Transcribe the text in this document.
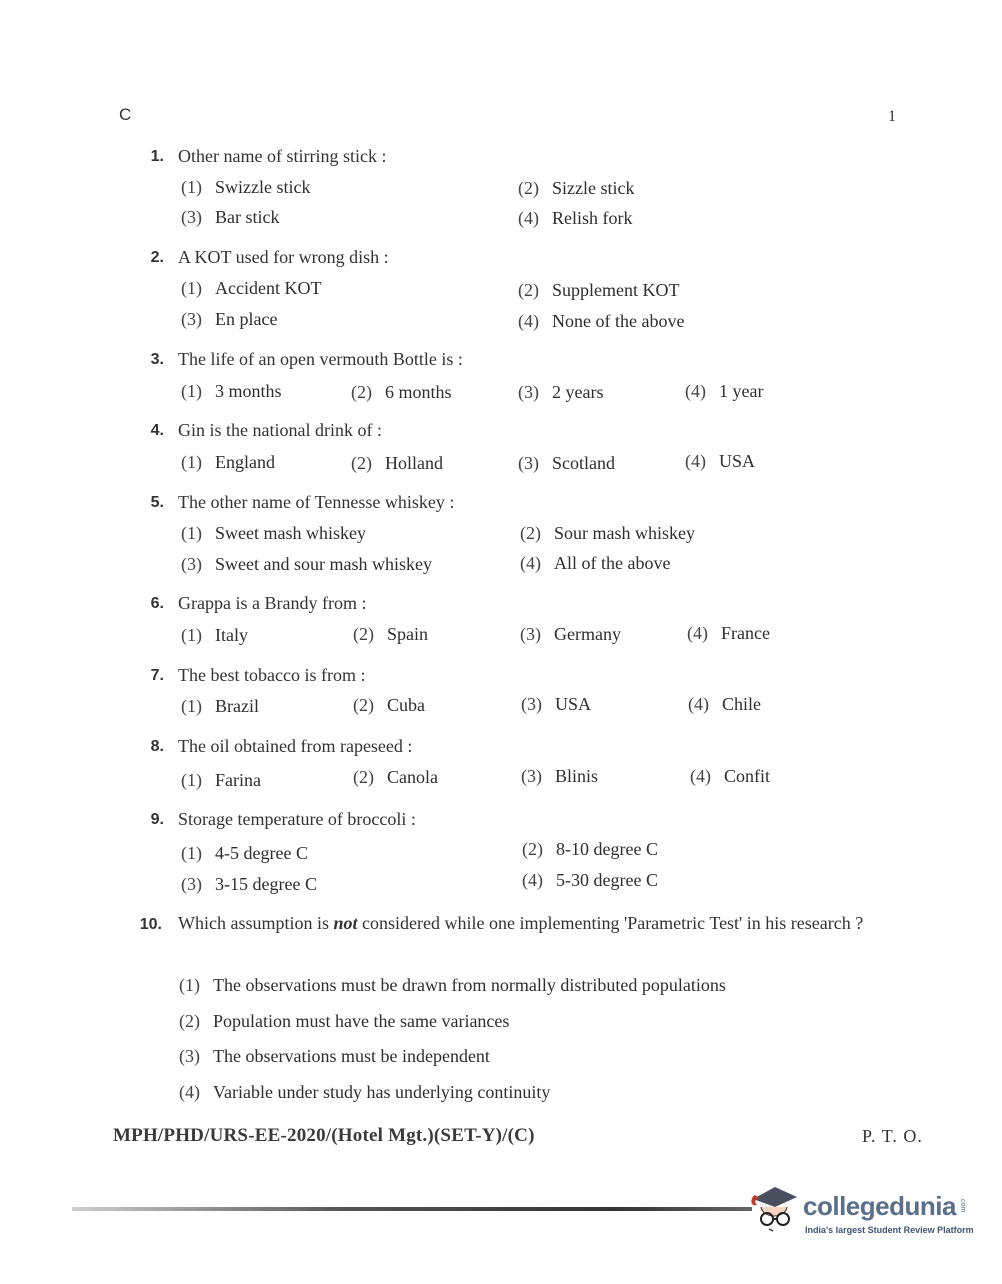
C	1
1. Other name of stirring stick :
(1) Swizzle stick	(2) Sizzle stick
(3) Bar stick	(4) Relish fork
2. A KOT used for wrong dish :
(1) Accident KOT	(2) Supplement KOT
(3) En place	(4) None of the above
3. The life of an open vermouth Bottle is :
(1) 3 months	(2) 6 months	(3) 2 years	(4) 1 year
4. Gin is the national drink of :
(1) England	(2) Holland	(3) Scotland	(4) USA
5. The other name of Tennesse whiskey :
(1) Sweet mash whiskey	(2) Sour mash whiskey
(3) Sweet and sour mash whiskey	(4) All of the above
6. Grappa is a Brandy from :
(1) Italy	(2) Spain	(3) Germany	(4) France
7. The best tobacco is from :
(1) Brazil	(2) Cuba	(3) USA	(4) Chile
8. The oil obtained from rapeseed :
(1) Farina	(2) Canola	(3) Blinis	(4) Confit
9. Storage temperature of broccoli :
(1) 4-5 degree C	(2) 8-10 degree C
(3) 3-15 degree C	(4) 5-30 degree C
10. Which assumption is not considered while one implementing 'Parametric Test' in his research ?
(1) The observations must be drawn from normally distributed populations
(2) Population must have the same variances
(3) The observations must be independent
(4) Variable under study has underlying continuity
MPH/PHD/URS-EE-2020/(Hotel Mgt.)(SET-Y)/(C)	P. T. O.
collegedunia .com
India's largest Student Review Platform
